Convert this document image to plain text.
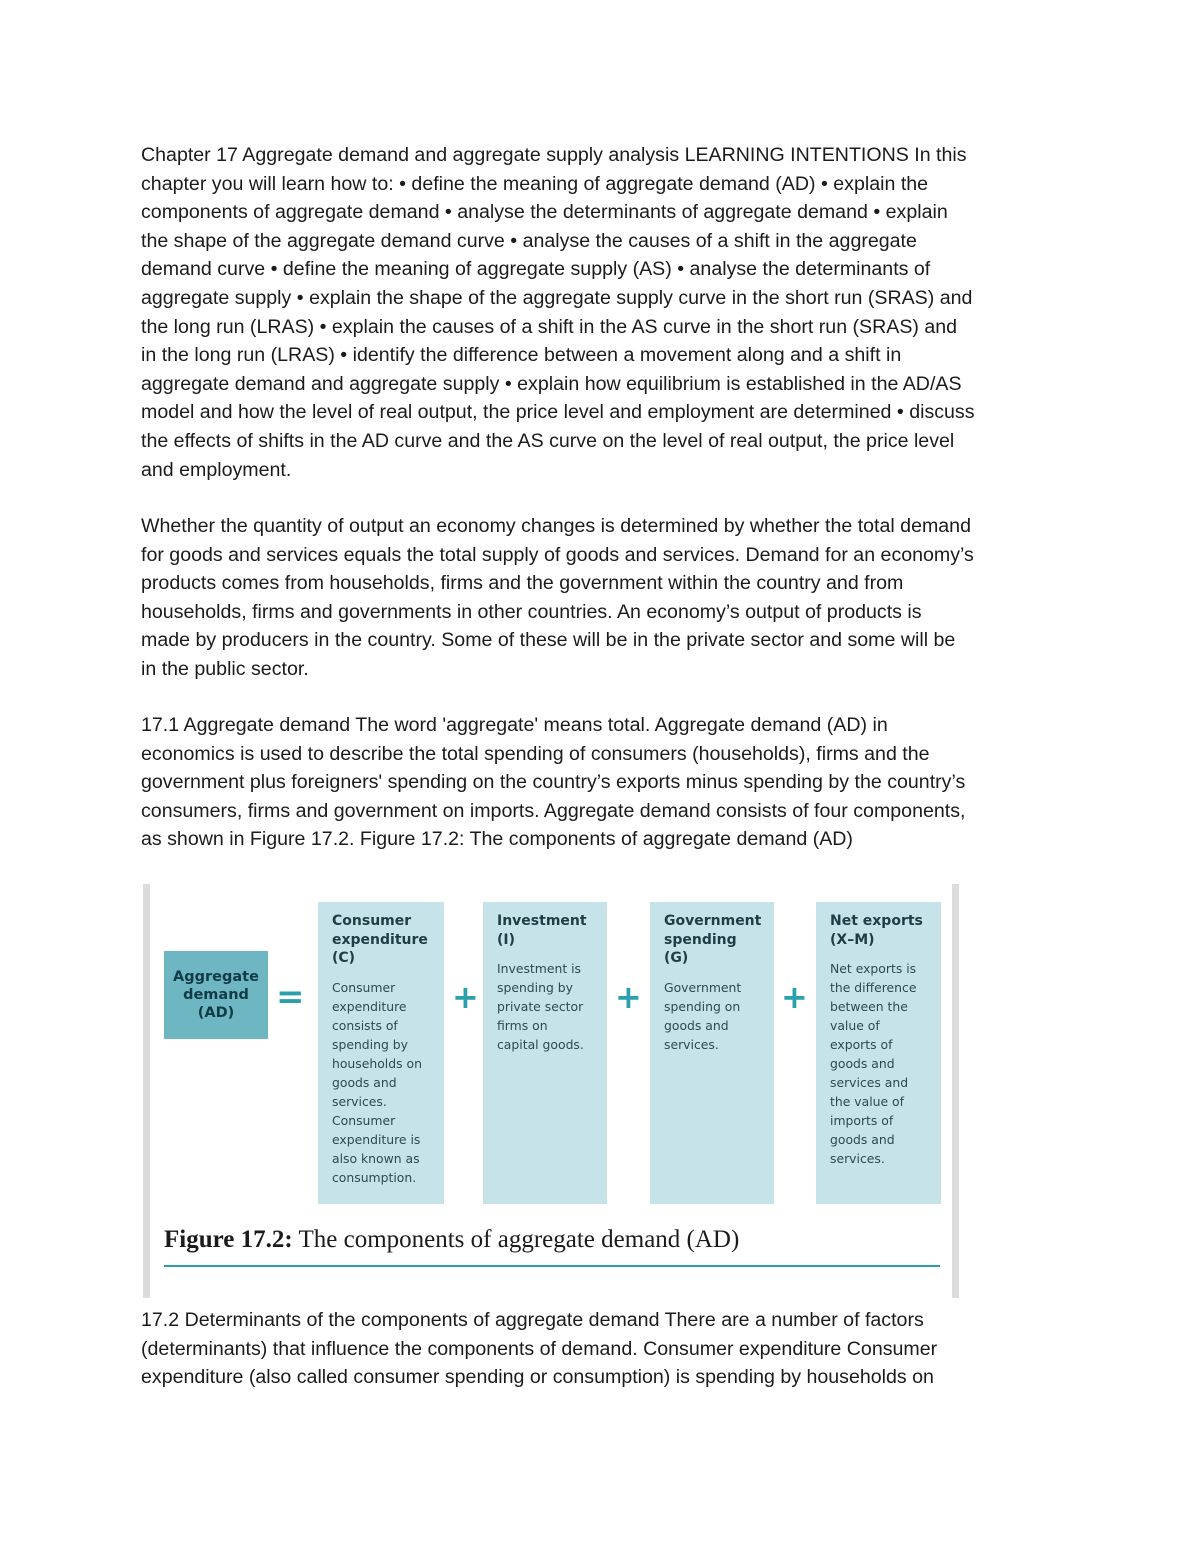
Chapter 17 Aggregate demand and aggregate supply analysis LEARNING INTENTIONS In this
chapter you will learn how to: • define the meaning of aggregate demand (AD) • explain the
components of aggregate demand • analyse the determinants of aggregate demand • explain
the shape of the aggregate demand curve • analyse the causes of a shift in the aggregate
demand curve • define the meaning of aggregate supply (AS) • analyse the determinants of
aggregate supply • explain the shape of the aggregate supply curve in the short run (SRAS) and
the long run (LRAS) • explain the causes of a shift in the AS curve in the short run (SRAS) and
in the long run (LRAS) • identify the difference between a movement along and a shift in
aggregate demand and aggregate supply • explain how equilibrium is established in the AD/AS
model and how the level of real output, the price level and employment are determined • discuss
the effects of shifts in the AD curve and the AS curve on the level of real output, the price level
and employment.

Whether the quantity of output an economy changes is determined by whether the total demand
for goods and services equals the total supply of goods and services. Demand for an economy’s
products comes from households, firms and the government within the country and from
households, firms and governments in other countries. An economy’s output of products is
made by producers in the country. Some of these will be in the private sector and some will be
in the public sector.

17.1 Aggregate demand The word 'aggregate' means total. Aggregate demand (AD) in
economics is used to describe the total spending of consumers (households), firms and the
government plus foreigners' spending on the country’s exports minus spending by the country’s
consumers, firms and government on imports. Aggregate demand consists of four components,
as shown in Figure 17.2. Figure 17.2: The components of aggregate demand (AD)

Aggregate
demand
(AD)	=
Consumer
expenditure
(C)

Consumer
expenditure
consists of
spending by
households on
goods and
services.
Consumer
expenditure is
also known as
consumption.

+
Investment
(I)

Investment is
spending by
private sector
firms on
capital goods.

+
Government
spending
(G)

Government
spending on
goods and
services.

+
Net exports
(X–M)

Net exports is
the difference
between the
value of
exports of
goods and
services and
the value of
imports of
goods and
services.

Figure 17.2: The components of aggregate demand (AD)

17.2 Determinants of the components of aggregate demand There are a number of factors
(determinants) that influence the components of demand. Consumer expenditure Consumer
expenditure (also called consumer spending or consumption) is spending by households on
